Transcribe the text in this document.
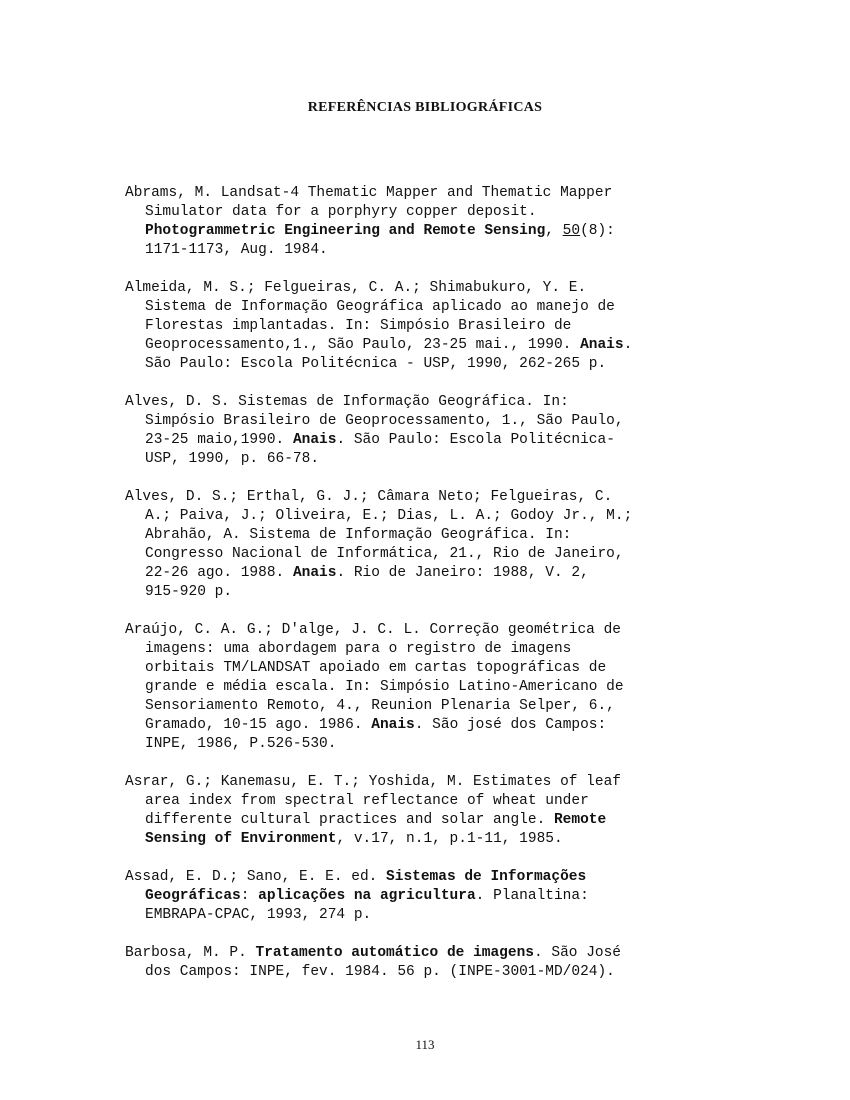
REFERÊNCIAS BIBLIOGRÁFICAS
Abrams, M. Landsat-4 Thematic Mapper and Thematic Mapper
Simulator data for a porphyry copper deposit.
Photogrammetric Engineering and Remote Sensing, 50(8):
1171-1173, Aug. 1984.
Almeida, M. S.; Felgueiras, C. A.; Shimabukuro, Y. E.
Sistema de Informação Geográfica aplicado ao manejo de
Florestas implantadas. In: Simpósio Brasileiro de
Geoprocessamento,1., São Paulo, 23-25 mai., 1990. Anais.
São Paulo: Escola Politécnica - USP, 1990, 262-265 p.
Alves, D. S. Sistemas de Informação Geográfica. In:
Simpósio Brasileiro de Geoprocessamento, 1., São Paulo,
23-25 maio,1990. Anais. São Paulo: Escola Politécnica-
USP, 1990, p. 66-78.
Alves, D. S.; Erthal, G. J.; Câmara Neto; Felgueiras, C.
A.; Paiva, J.; Oliveira, E.; Dias, L. A.; Godoy Jr., M.;
Abrahão, A. Sistema de Informação Geográfica. In:
Congresso Nacional de Informática, 21., Rio de Janeiro,
22-26 ago. 1988. Anais. Rio de Janeiro: 1988, V. 2,
915-920 p.
Araújo, C. A. G.; D'alge, J. C. L. Correção geométrica de
imagens: uma abordagem para o registro de imagens
orbitais TM/LANDSAT apoiado em cartas topográficas de
grande e média escala. In: Simpósio Latino-Americano de
Sensoriamento Remoto, 4., Reunion Plenaria Selper, 6.,
Gramado, 10-15 ago. 1986. Anais. São josé dos Campos:
INPE, 1986, P.526-530.
Asrar, G.; Kanemasu, E. T.; Yoshida, M. Estimates of leaf
area index from spectral reflectance of wheat under
differente cultural practices and solar angle. Remote
Sensing of Environment, v.17, n.1, p.1-11, 1985.
Assad, E. D.; Sano, E. E. ed. Sistemas de Informações
Geográficas: aplicações na agricultura. Planaltina:
EMBRAPA-CPAC, 1993, 274 p.
Barbosa, M. P. Tratamento automático de imagens. São José
dos Campos: INPE, fev. 1984. 56 p. (INPE-3001-MD/024).
113
